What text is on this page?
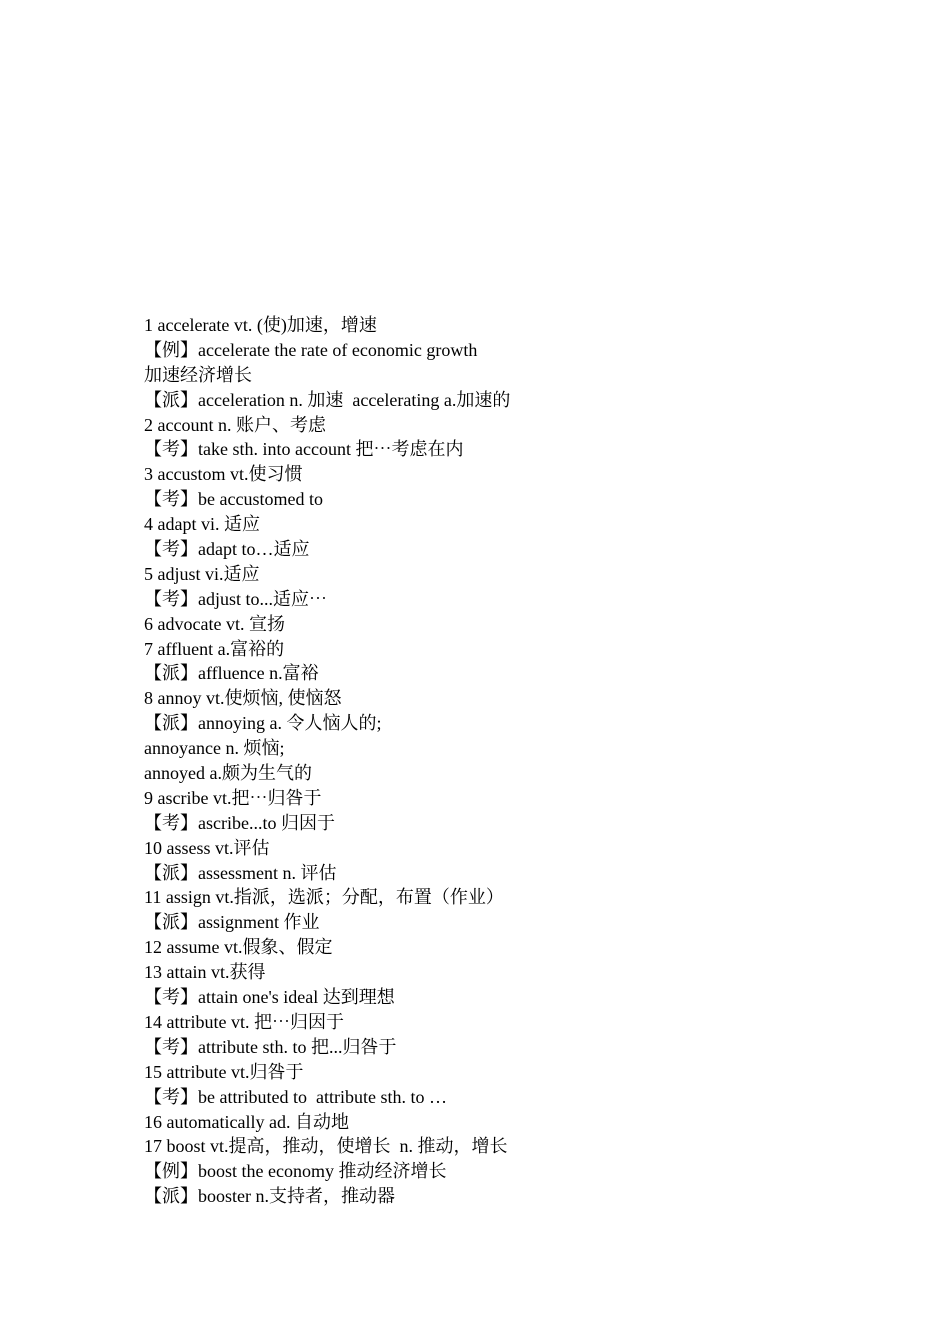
1 accelerate vt. (使)加速，增速
【例】accelerate the rate of economic growth
加速经济增长
【派】acceleration n. 加速  accelerating a.加速的
2 account n. 账户、考虑
【考】take sth. into account 把⋯考虑在内
3 accustom vt.使习惯
【考】be accustomed to
4 adapt vi. 适应
【考】adapt to…适应
5 adjust vi.适应
【考】adjust to...适应⋯
6 advocate vt. 宣扬
7 affluent a.富裕的
【派】affluence n.富裕
8 annoy vt.使烦恼, 使恼怒
【派】annoying a. 令人恼人的;
annoyance n. 烦恼;
annoyed a.颇为生气的
9 ascribe vt.把⋯归咎于
【考】ascribe...to 归因于
10 assess vt.评估
【派】assessment n. 评估
11 assign vt.指派，选派；分配，布置（作业）
【派】assignment 作业
12 assume vt.假象、假定
13 attain vt.获得
【考】attain one's ideal 达到理想
14 attribute vt. 把⋯归因于
【考】attribute sth. to 把...归咎于
15 attribute vt.归咎于
【考】be attributed to  attribute sth. to …
16 automatically ad. 自动地
17 boost vt.提高，推动，使增长  n. 推动，增长
【例】boost the economy 推动经济增长
【派】booster n.支持者，推动器
